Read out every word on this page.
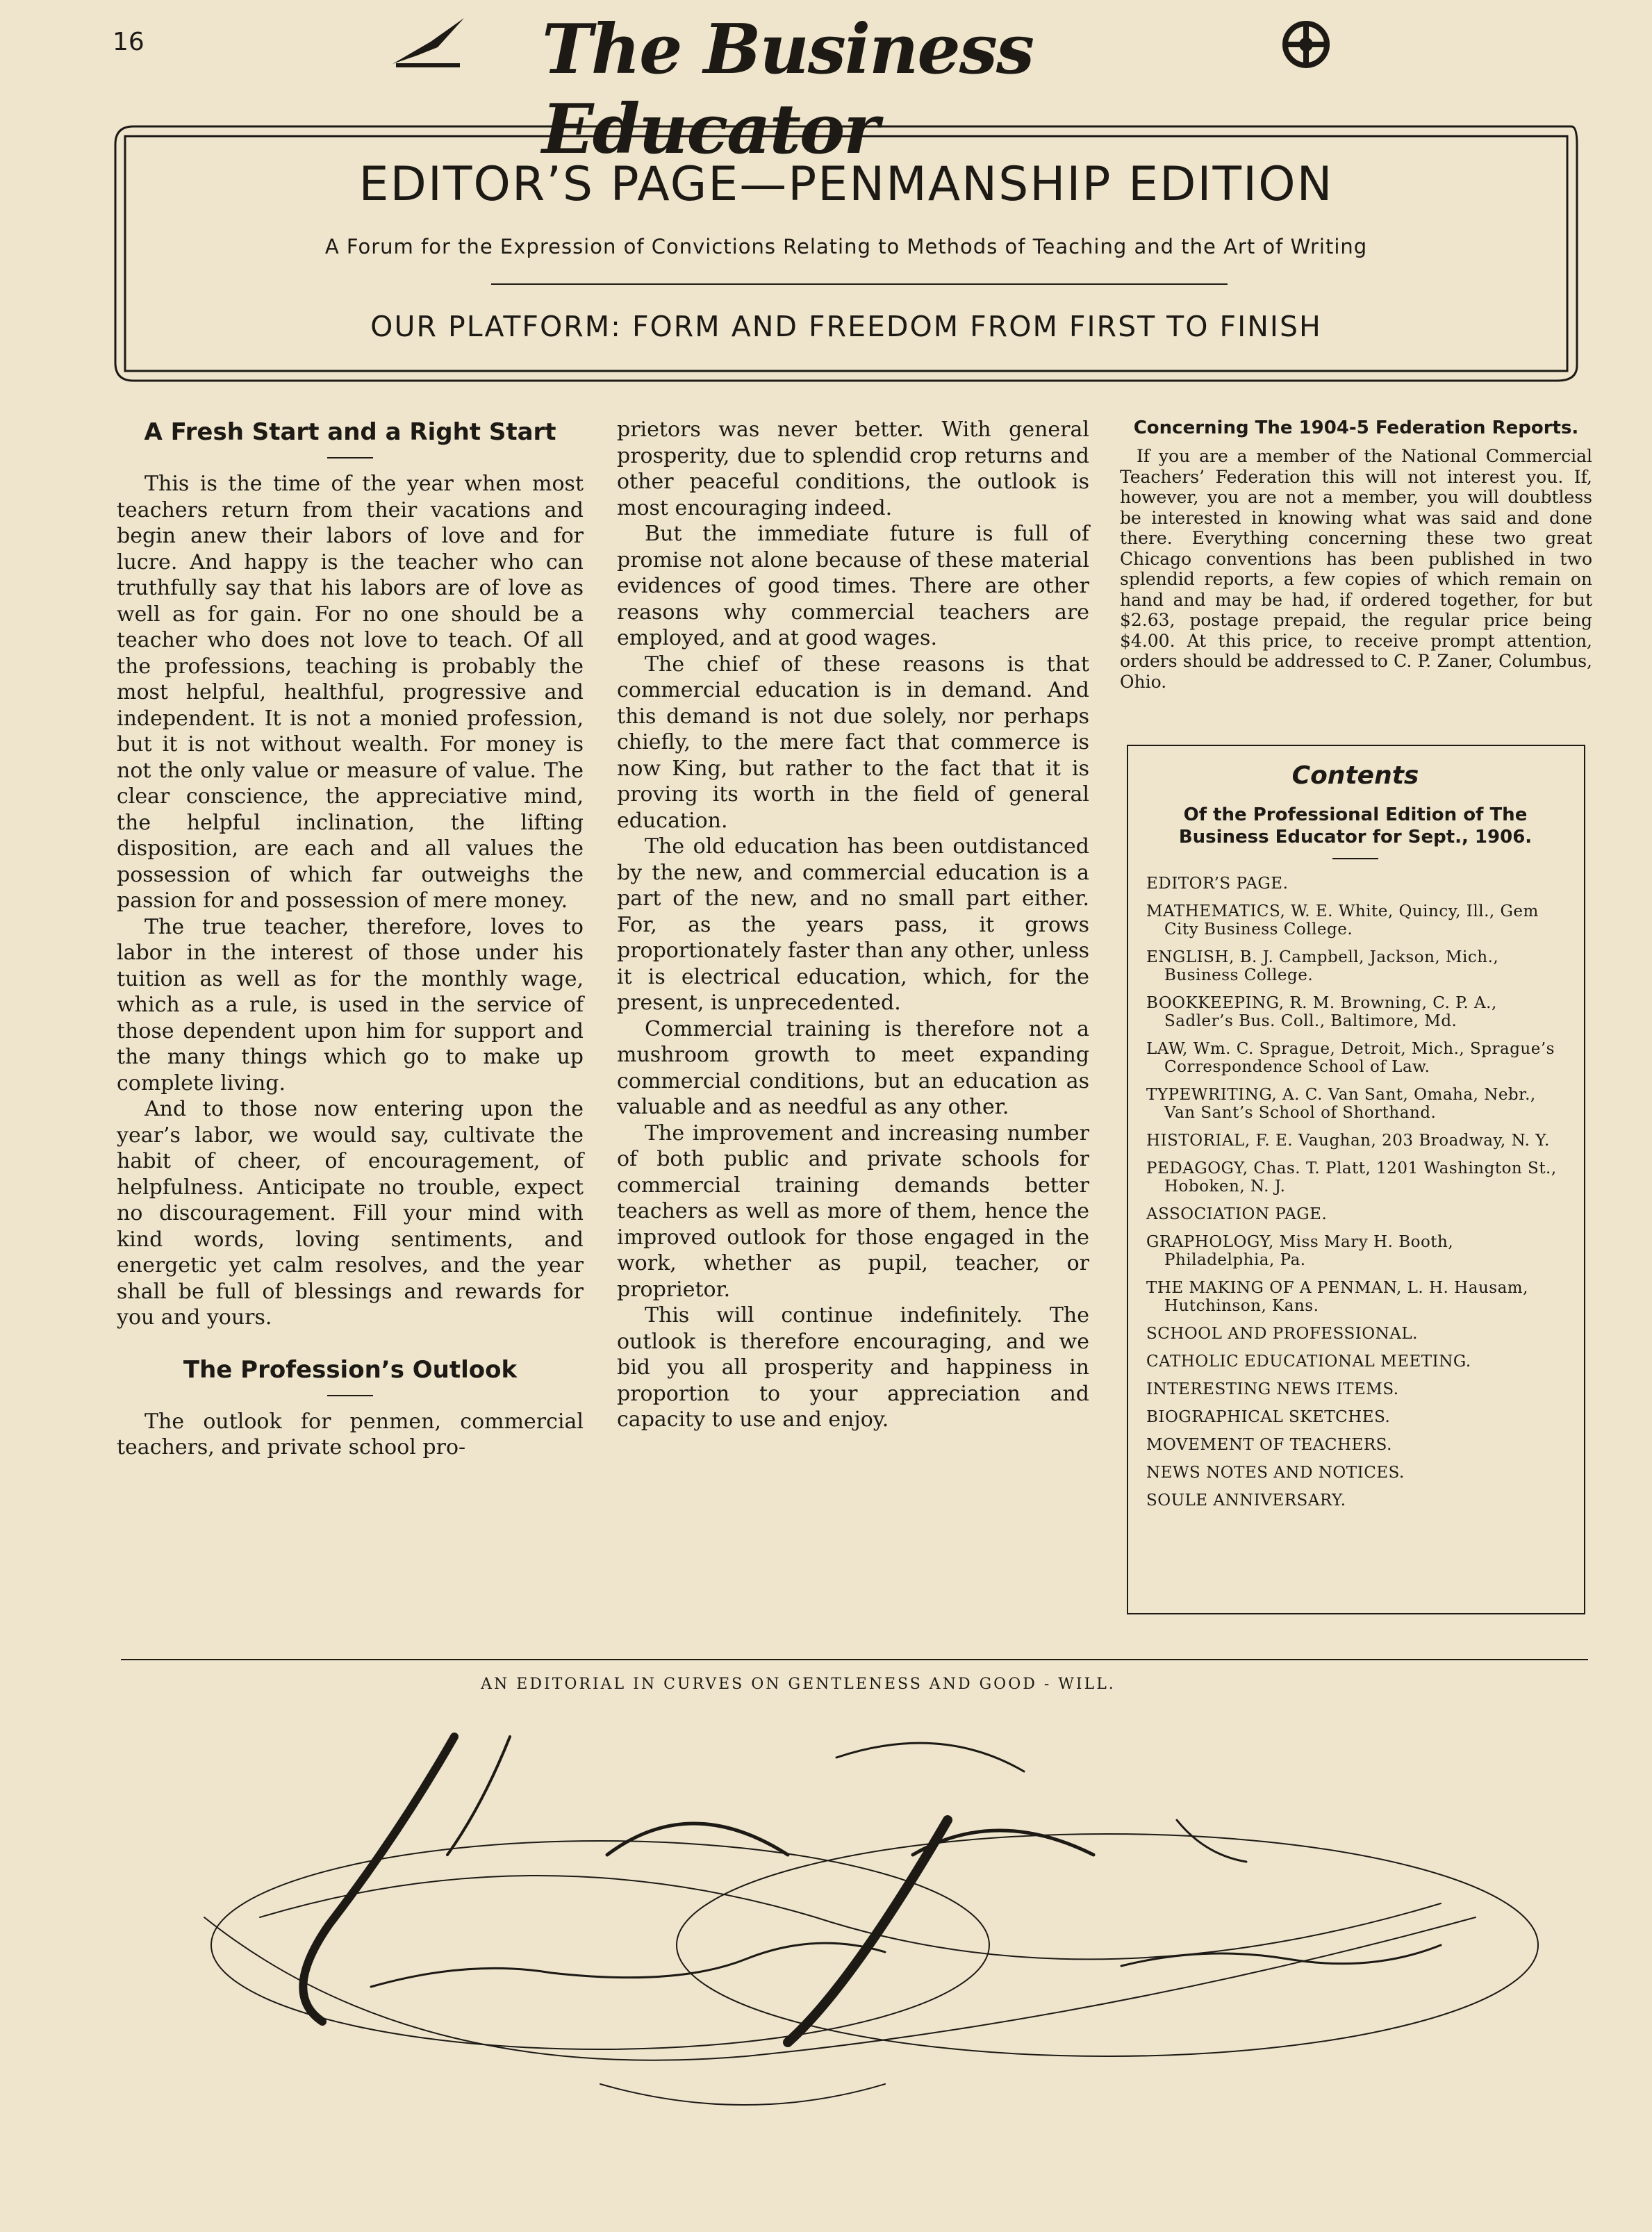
16	The Business Educator
EDITOR’S PAGE—PENMANSHIP EDITION
A Forum for the Expression of Convictions Relating to Methods of Teaching and the Art of Writing
OUR PLATFORM: FORM AND FREEDOM FROM FIRST TO FINISH
A Fresh Start and a Right Start

This is the time of the year when most teachers return from their vacations and begin anew their labors of love and for lucre. And happy is the teacher who can truthfully say that his labors are of love as well as for gain. For no one should be a teacher who does not love to teach. Of all the professions, teaching is probably the most helpful, healthful, progressive and independent. It is not a monied profession, but it is not without wealth. For money is not the only value or measure of value. The clear conscience, the appreciative mind, the helpful inclination, the lifting disposition, are each and all values the possession of which far outweighs the passion for and possession of mere money.

The true teacher, therefore, loves to labor in the interest of those under his tuition as well as for the monthly wage, which as a rule, is used in the service of those dependent upon him for support and the many things which go to make up complete living.

And to those now entering upon the year’s labor, we would say, cultivate the habit of cheer, of encouragement, of helpfulness. Anticipate no trouble, expect no discouragement. Fill your mind with kind words, loving sentiments, and energetic yet calm resolves, and the year shall be full of blessings and rewards for you and yours.

The Profession’s Outlook

The outlook for penmen, commercial teachers, and private school pro-

prietors was never better. With general prosperity, due to splendid crop returns and other peaceful conditions, the outlook is most encouraging indeed.

But the immediate future is full of promise not alone because of these material evidences of good times. There are other reasons why commercial teachers are employed, and at good wages.

The chief of these reasons is that commercial education is in demand. And this demand is not due solely, nor perhaps chiefly, to the mere fact that commerce is now King, but rather to the fact that it is proving its worth in the field of general education.

The old education has been outdistanced by the new, and commercial education is a part of the new, and no small part either. For, as the years pass, it grows proportionately faster than any other, unless it is electrical education, which, for the present, is unprecedented.

Commercial training is therefore not a mushroom growth to meet expanding commercial conditions, but an education as valuable and as needful as any other.

The improvement and increasing number of both public and private schools for commercial training demands better teachers as well as more of them, hence the improved outlook for those engaged in the work, whether as pupil, teacher, or proprietor.

This will continue indefinitely. The outlook is therefore encouraging, and we bid you all prosperity and happiness in proportion to your appreciation and capacity to use and enjoy.

Concerning The 1904-5 Federation Reports.

If you are a member of the National Commercial Teachers’ Federation this will not interest you. If, however, you are not a member, you will doubtless be interested in knowing what was said and done there. Everything concerning these two great Chicago conventions has been published in two splendid reports, a few copies of which remain on hand and may be had, if ordered together, for but $2.63, postage prepaid, the regular price being $4.00. At this price, to receive prompt attention, orders should be addressed to C. P. Zaner, Columbus, Ohio.

Contents
Of the Professional Edition of The Business Educator for Sept., 1906.
EDITOR’S PAGE.
MATHEMATICS, W. E. White, Quincy, Ill., Gem City Business College.
ENGLISH, B. J. Campbell, Jackson, Mich., Business College.
BOOKKEEPING, R. M. Browning, C. P. A., Sadler’s Bus. Coll., Baltimore, Md.
LAW, Wm. C. Sprague, Detroit, Mich., Sprague’s Correspondence School of Law.
TYPEWRITING, A. C. Van Sant, Omaha, Nebr., Van Sant’s School of Shorthand.
HISTORIAL, F. E. Vaughan, 203 Broadway, N. Y.
PEDAGOGY, Chas. T. Platt, 1201 Washington St., Hoboken, N. J.
ASSOCIATION PAGE.
GRAPHOLOGY, Miss Mary H. Booth, Philadelphia, Pa.
THE MAKING OF A PENMAN, L. H. Hausam, Hutchinson, Kans.
SCHOOL AND PROFESSIONAL.
CATHOLIC EDUCATIONAL MEETING.
INTERESTING NEWS ITEMS.
BIOGRAPHICAL SKETCHES.
MOVEMENT OF TEACHERS.
NEWS NOTES AND NOTICES.
SOULE ANNIVERSARY.
AN EDITORIAL IN CURVES ON GENTLENESS AND GOOD - WILL.
